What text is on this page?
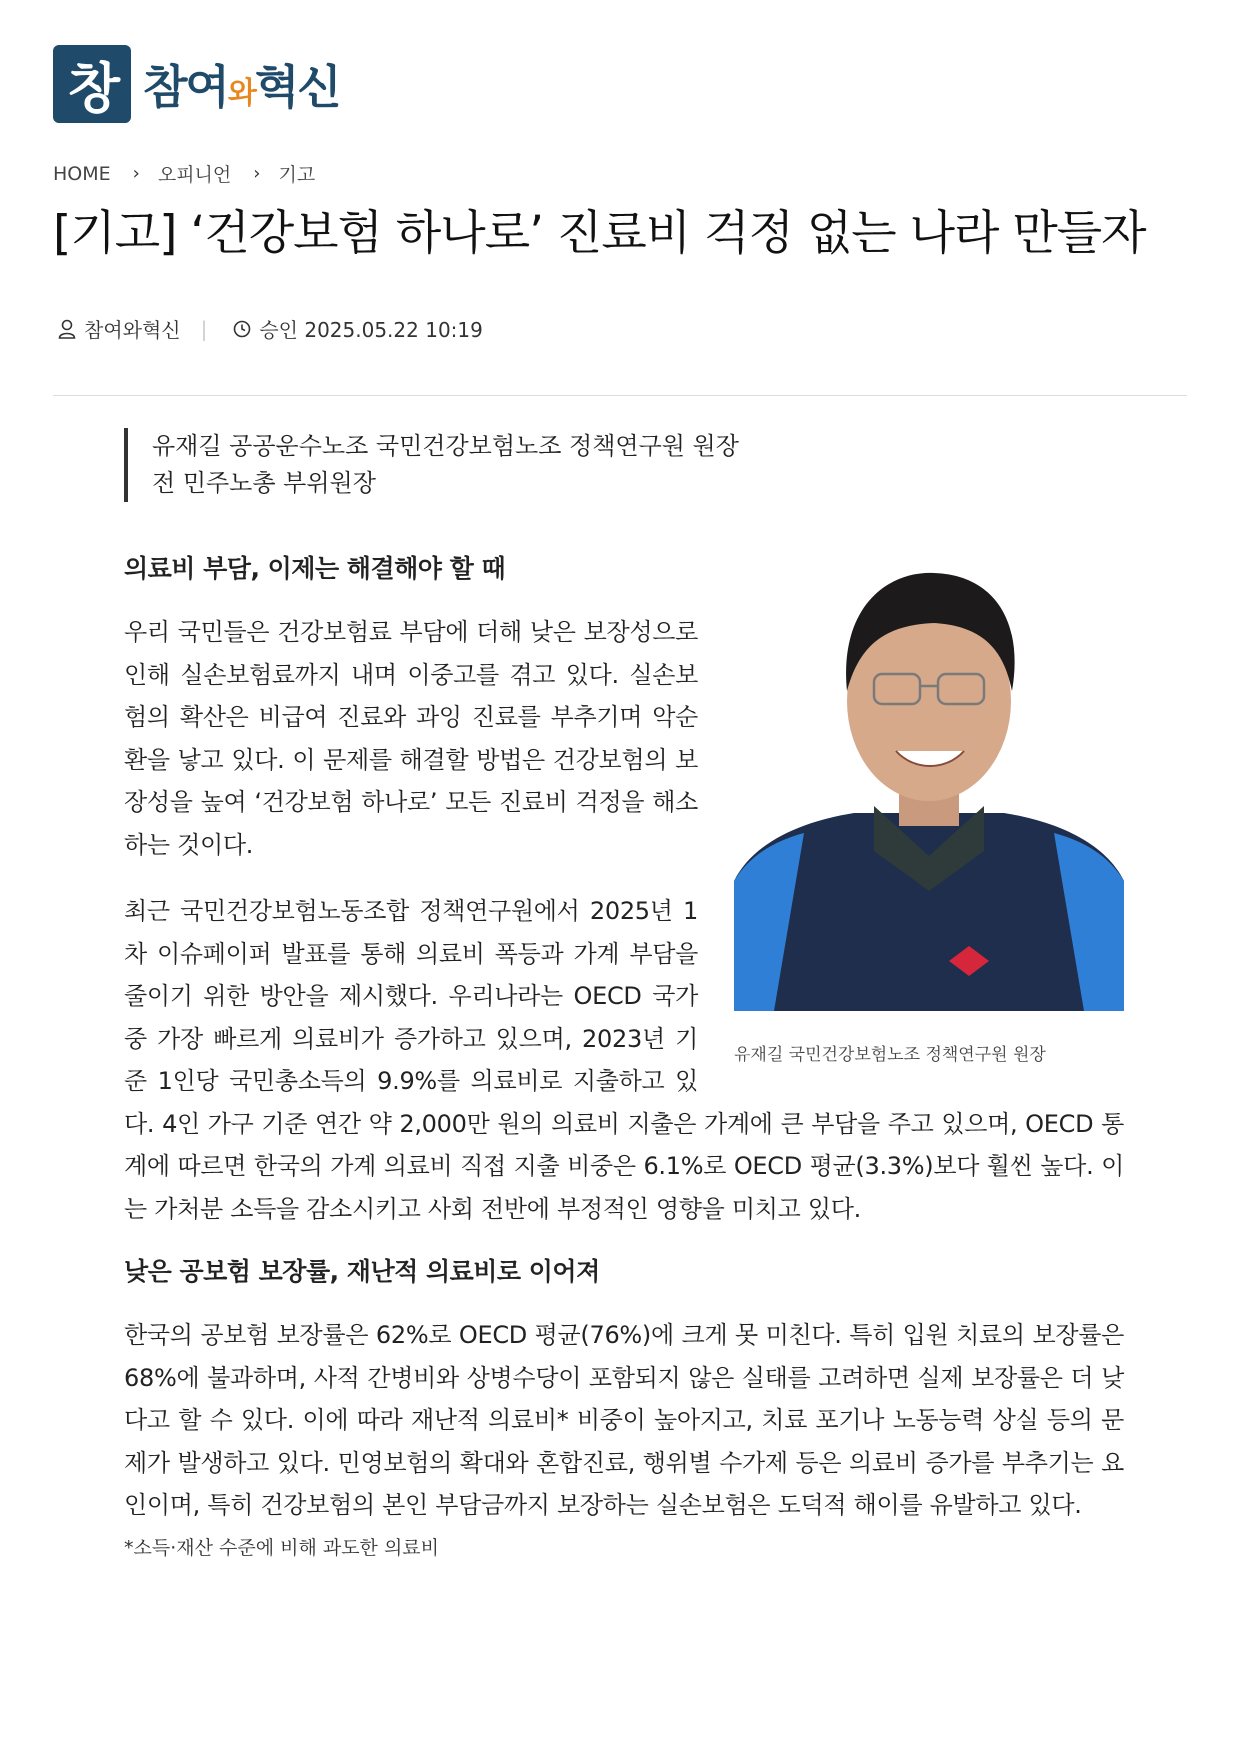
창 참여와혁신
HOME › 오피니언 › 기고
[기고] ‘건강보험 하나로’ 진료비 걱정 없는 나라 만들자
참여와혁신 |	승인 2025.05.22 10:19
유재길 공공운수노조 국민건강보험노조 정책연구원 원장
전 민주노총 부위원장
유재길 국민건강보험노조 정책연구원 원장
의료비 부담, 이제는 해결해야 할 때

우리 국민들은 건강보험료 부담에 더해 낮은 보장성으로 인해 실손보험료까지 내며 이중고를 겪고 있다. 실손보험의 확산은 비급여 진료와 과잉 진료를 부추기며 악순환을 낳고 있다. 이 문제를 해결할 방법은 건강보험의 보장성을 높여 ‘건강보험 하나로’ 모든 진료비 걱정을 해소하는 것이다.

최근 국민건강보험노동조합 정책연구원에서 2025년 1차 이슈페이퍼 발표를 통해 의료비 폭등과 가계 부담을 줄이기 위한 방안을 제시했다. 우리나라는 OECD 국가 중 가장 빠르게 의료비가 증가하고 있으며, 2023년 기준 1인당 국민총소득의 9.9%를 의료비로 지출하고 있다. 4인 가구 기준 연간 약 2,000만 원의 의료비 지출은 가계에 큰 부담을 주고 있으며, OECD 통계에 따르면 한국의 가계 의료비 직접 지출 비중은 6.1%로 OECD 평균(3.3%)보다 훨씬 높다. 이는 가처분 소득을 감소시키고 사회 전반에 부정적인 영향을 미치고 있다.

낮은 공보험 보장률, 재난적 의료비로 이어져

한국의 공보험 보장률은 62%로 OECD 평균(76%)에 크게 못 미친다. 특히 입원 치료의 보장률은 68%에 불과하며, 사적 간병비와 상병수당이 포함되지 않은 실태를 고려하면 실제 보장률은 더 낮다고 할 수 있다. 이에 따라 재난적 의료비* 비중이 높아지고, 치료 포기나 노동능력 상실 등의 문제가 발생하고 있다. 민영보험의 확대와 혼합진료, 행위별 수가제 등은 의료비 증가를 부추기는 요인이며, 특히 건강보험의 본인 부담금까지 보장하는 실손보험은 도덕적 해이를 유발하고 있다.

*소득·재산 수준에 비해 과도한 의료비
